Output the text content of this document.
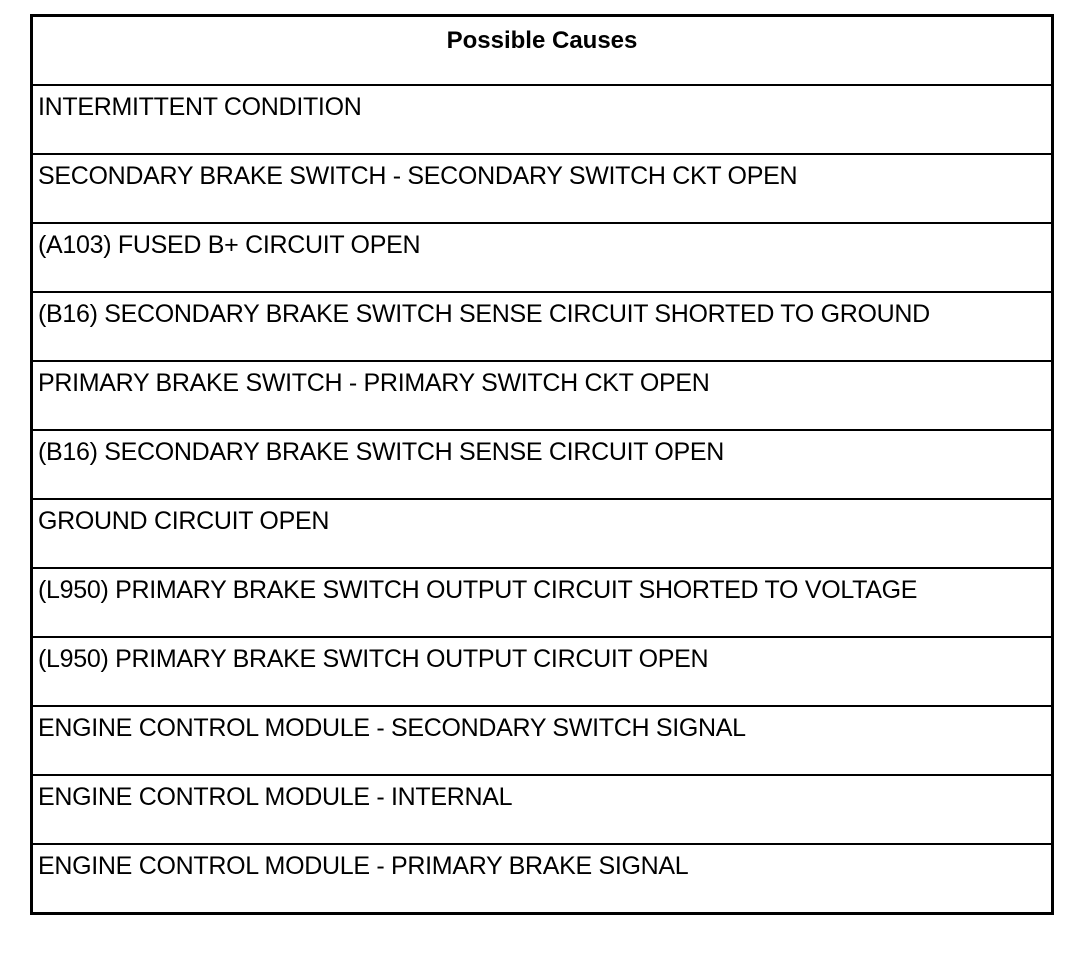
Possible Causes
INTERMITTENT CONDITION
SECONDARY BRAKE SWITCH - SECONDARY SWITCH CKT OPEN
(A103) FUSED B+ CIRCUIT OPEN
(B16) SECONDARY BRAKE SWITCH SENSE CIRCUIT SHORTED TO GROUND
PRIMARY BRAKE SWITCH - PRIMARY SWITCH CKT OPEN
(B16) SECONDARY BRAKE SWITCH SENSE CIRCUIT OPEN
GROUND CIRCUIT OPEN
(L950) PRIMARY BRAKE SWITCH OUTPUT CIRCUIT SHORTED TO VOLTAGE
(L950) PRIMARY BRAKE SWITCH OUTPUT CIRCUIT OPEN
ENGINE CONTROL MODULE - SECONDARY SWITCH SIGNAL
ENGINE CONTROL MODULE - INTERNAL
ENGINE CONTROL MODULE - PRIMARY BRAKE SIGNAL
